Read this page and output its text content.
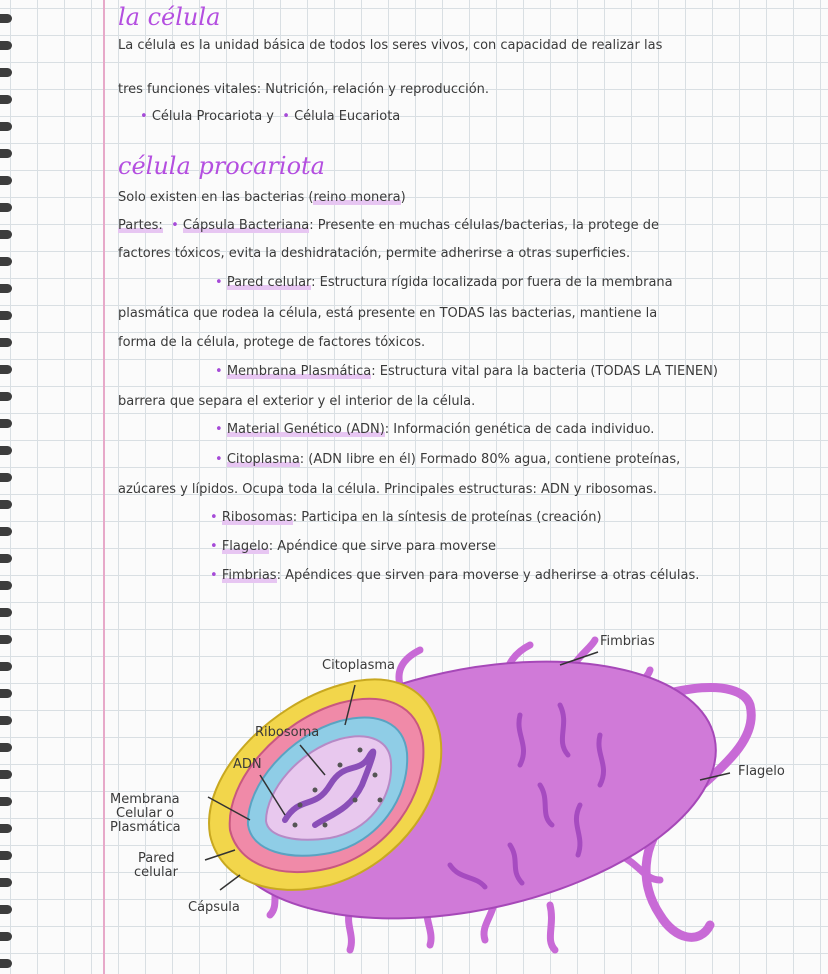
la célula
La célula es la unidad básica de todos los seres vivos, con capacidad de realizar las
tres funciones vitales: Nutrición, relación y reproducción.
• Célula Procariota y • Célula Eucariota
célula procariota
Solo existen en las bacterias (reino monera)
Partes: • Cápsula Bacteriana: Presente en muchas células/bacterias, la protege de
factores tóxicos, evita la deshidratación, permite adherirse a otras superficies.
• Pared celular: Estructura rígida localizada por fuera de la membrana
plasmática que rodea la célula, está presente en TODAS las bacterias, mantiene la
forma de la célula, protege de factores tóxicos.
• Membrana Plasmática: Estructura vital para la bacteria (TODAS LA TIENEN)
barrera que separa el exterior y el interior de la célula.
• Material Genético (ADN): Información genética de cada individuo.
• Citoplasma: (ADN libre en él) Formado 80% agua, contiene proteínas,
azúcares y lípidos. Ocupa toda la célula. Principales estructuras: ADN y ribosomas.
• Ribosomas: Participa en la síntesis de proteínas (creación)
• Flagelo: Apéndice que sirve para moverse
• Fimbrias: Apéndices que sirven para moverse y adherirse a otras células.
Fimbrias
Citoplasma
Ribosoma
ADN	Flagelo
Membrana
Celular o
Plasmática
Pared
celular
Cápsula
